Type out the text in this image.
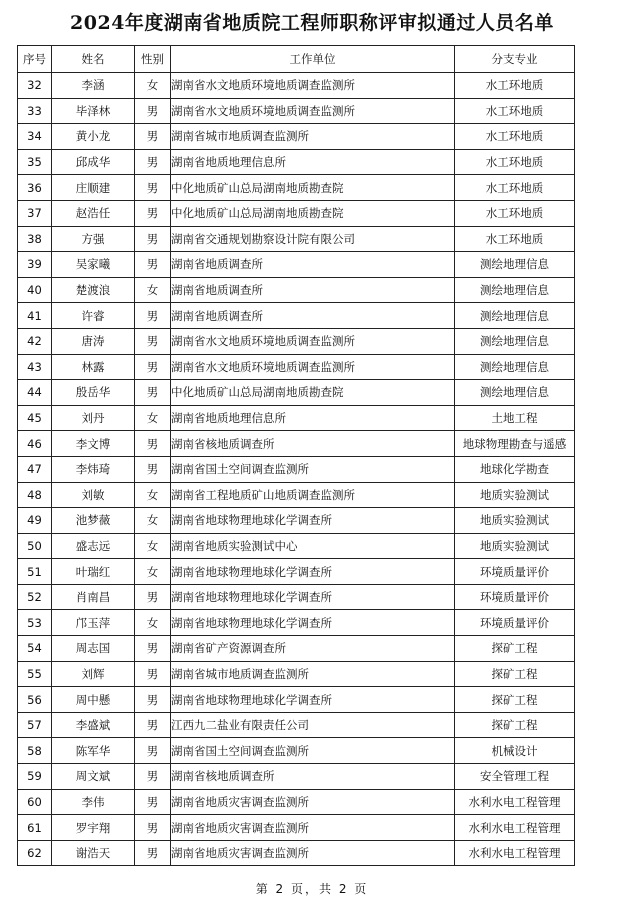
2024年度湖南省地质院工程师职称评审拟通过人员名单
序号	姓名	性别	工作单位	分支专业
32	李涵	女	湖南省水文地质环境地质调查监测所	水工环地质
33	毕泽林	男	湖南省水文地质环境地质调查监测所	水工环地质
34	黄小龙	男	湖南省城市地质调查监测所	水工环地质
35	邱成华	男	湖南省地质地理信息所	水工环地质
36	庄顺建	男	中化地质矿山总局湖南地质勘查院	水工环地质
37	赵浩任	男	中化地质矿山总局湖南地质勘查院	水工环地质
38	方强	男	湖南省交通规划勘察设计院有限公司	水工环地质
39	吴家曦	男	湖南省地质调查所	测绘地理信息
40	楚渡浪	女	湖南省地质调查所	测绘地理信息
41	许睿	男	湖南省地质调查所	测绘地理信息
42	唐涛	男	湖南省水文地质环境地质调查监测所	测绘地理信息
43	林露	男	湖南省水文地质环境地质调查监测所	测绘地理信息
44	殷岳华	男	中化地质矿山总局湖南地质勘查院	测绘地理信息
45	刘丹	女	湖南省地质地理信息所	土地工程
46	李文博	男	湖南省核地质调查所	地球物理勘查与遥感
47	李炜琦	男	湖南省国土空间调查监测所	地球化学勘查
48	刘敏	女	湖南省工程地质矿山地质调查监测所	地质实验测试
49	池梦薇	女	湖南省地球物理地球化学调查所	地质实验测试
50	盛志远	女	湖南省地质实验测试中心	地质实验测试
51	叶瑞红	女	湖南省地球物理地球化学调查所	环境质量评价
52	肖南昌	男	湖南省地球物理地球化学调查所	环境质量评价
53	邝玉萍	女	湖南省地球物理地球化学调查所	环境质量评价
54	周志国	男	湖南省矿产资源调查所	探矿工程
55	刘辉	男	湖南省城市地质调查监测所	探矿工程
56	周中懸	男	湖南省地球物理地球化学调查所	探矿工程
57	李盛斌	男	江西九二盐业有限责任公司	探矿工程
58	陈军华	男	湖南省国土空间调查监测所	机械设计
59	周文斌	男	湖南省核地质调查所	安全管理工程
60	李伟	男	湖南省地质灾害调查监测所	水利水电工程管理
61	罗宇翔	男	湖南省地质灾害调查监测所	水利水电工程管理
62	谢浩天	男	湖南省地质灾害调查监测所	水利水电工程管理
第 2 页，共 2 页
